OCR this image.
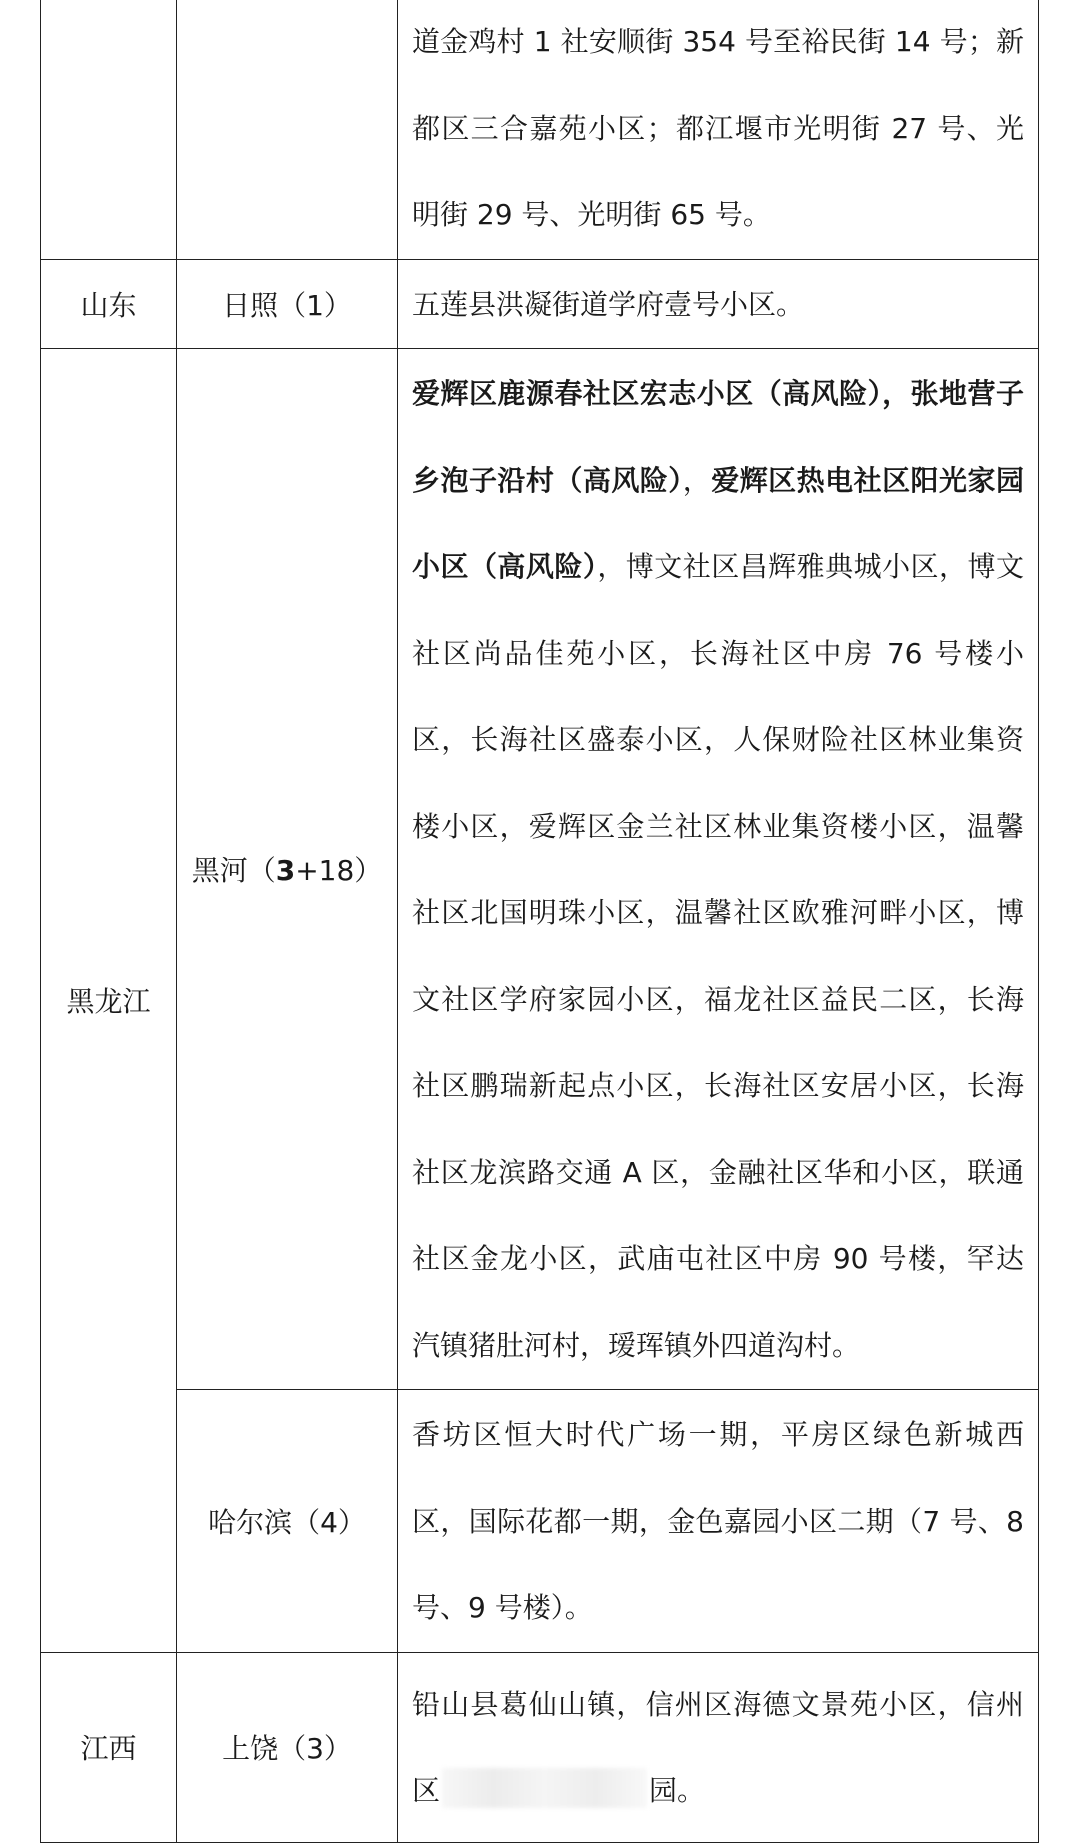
		道金鸡村 1 社安顺街 354 号至裕民街 14 号；新都区三合嘉苑小区；都江堰市光明街 27 号、光明街 29 号、光明街 65 号。
山东	日照（1）	五莲县洪凝街道学府壹号小区。
黑龙江	黑河（3+18）	爱辉区鹿源春社区宏志小区（高风险），张地营子乡泡子沿村（高风险），爱辉区热电社区阳光家园小区（高风险），博文社区昌辉雅典城小区，博文社区尚品佳苑小区，长海社区中房 76 号楼小区，长海社区盛泰小区，人保财险社区林业集资楼小区，爱辉区金兰社区林业集资楼小区，温馨社区北国明珠小区，温馨社区欧雅河畔小区，博文社区学府家园小区，福龙社区益民二区，长海社区鹏瑞新起点小区，长海社区安居小区，长海社区龙滨路交通 A 区，金融社区华和小区，联通社区金龙小区，武庙屯社区中房 90 号楼，罕达汽镇猪肚河村，瑷珲镇外四道沟村。
	哈尔滨（4）	香坊区恒大时代广场一期，平房区绿色新城西区，国际花都一期，金色嘉园小区二期（7 号、8 号、9 号楼）。
江西	上饶（3）	铅山县葛仙山镇，信州区海德文景苑小区，信州区 园。
